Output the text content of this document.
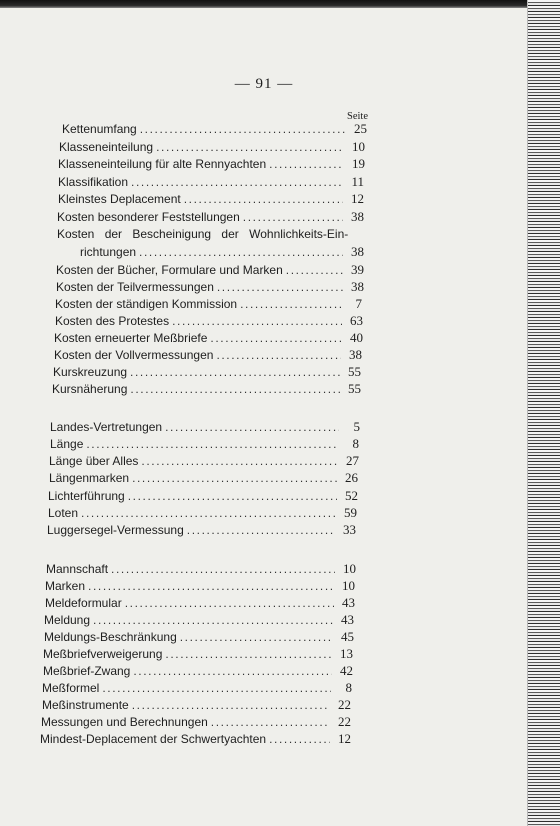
— 91 —
Seite
Kettenumfang .....	25
Klasseneinteilung .....	10
Klasseneinteilung für alte Rennyachten .....	19
Klassifikation .....	11
Kleinstes Deplacement .....	12
Kosten besonderer Feststellungen .....	38
Kosten der Bescheinigung der Wohnlichkeits-Ein-
richtungen .....	38
Kosten der Bücher, Formulare und Marken .....	39
Kosten der Teilvermessungen .....	38
Kosten der ständigen Kommission .....	7
Kosten des Protestes .....	63
Kosten erneuerter Meßbriefe .....	40
Kosten der Vollvermessungen .....	38
Kurskreuzung .....	55
Kursnäherung .....	55
Landes-Vertretungen .....	5
Länge .....	8
Länge über Alles .....	27
Längenmarken .....	26
Lichterführung .....	52
Loten .....	59
Luggersegel-Vermessung .....	33
Mannschaft .....	10
Marken .....	10
Meldeformular .....	43
Meldung .....	43
Meldungs-Beschränkung .....	45
Meßbriefverweigerung .....	13
Meßbrief-Zwang .....	42
Meßformel .....	8
Meßinstrumente .....	22
Messungen und Berechnungen .....	22
Mindest-Deplacement der Schwertyachten .....	12
